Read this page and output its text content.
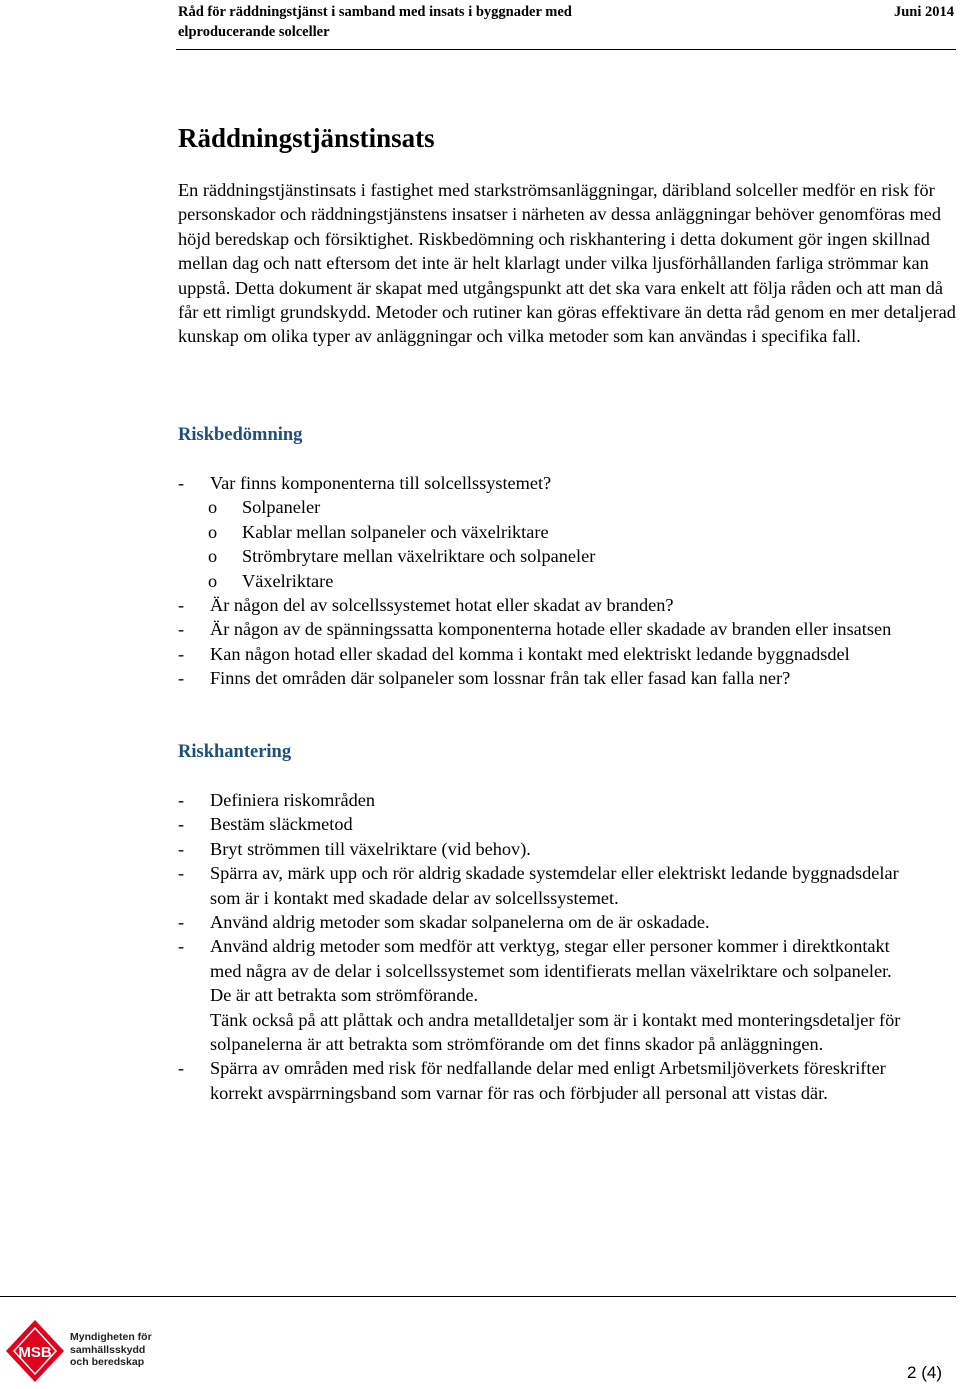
Råd för räddningstjänst i samband med insats i byggnader med
elproducerande solceller
Juni 2014
Räddningstjänstinsats

En räddningstjänstinsats i fastighet med starkströmsanläggningar, däribland solceller medför en risk för personskador och räddningstjänstens insatser i närheten av dessa anläggningar behöver genomföras med höjd beredskap och försiktighet. Riskbedömning och riskhantering i detta dokument gör ingen skillnad mellan dag och natt eftersom det inte är helt klarlagt under vilka ljusförhållanden farliga strömmar kan uppstå. Detta dokument är skapat med utgångspunkt att det ska vara enkelt att följa råden och att man då får ett rimligt grundskydd. Metoder och rutiner kan göras effektivare än detta råd genom en mer detaljerad kunskap om olika typer av anläggningar och vilka metoder som kan användas i specifika fall.

Riskbedömning
- Var finns komponenterna till solcellssystemet?
o Solpaneler
o Kablar mellan solpaneler och växelriktare
o Strömbrytare mellan växelriktare och solpaneler
o Växelriktare
- Är någon del av solcellssystemet hotat eller skadat av branden?
- Är någon av de spänningssatta komponenterna hotade eller skadade av branden eller insatsen
- Kan någon hotad eller skadad del komma i kontakt med elektriskt ledande byggnadsdel
- Finns det områden där solpaneler som lossnar från tak eller fasad kan falla ner?
Riskhantering
- Definiera riskområden
- Bestäm släckmetod
- Bryt strömmen till växelriktare (vid behov).
- Spärra av, märk upp och rör aldrig skadade systemdelar eller elektriskt ledande byggnadsdelar som är i kontakt med skadade delar av solcellssystemet.
- Använd aldrig metoder som skadar solpanelerna om de är oskadade.
- Använd aldrig metoder som medför att verktyg, stegar eller personer kommer i direktkontakt med några av de delar i solcellssystemet som identifierats mellan växelriktare och solpaneler. De är att betrakta som strömförande.
Tänk också på att plåttak och andra metalldetaljer som är i kontakt med monteringsdetaljer för solpanelerna är att betrakta som strömförande om det finns skador på anläggningen.
- Spärra av områden med risk för nedfallande delar med enligt Arbetsmiljöverkets föreskrifter korrekt avspärrningsband som varnar för ras och förbjuder all personal att vistas där.
MSB
Myndigheten för
samhällsskydd
och beredskap
2 (4)
